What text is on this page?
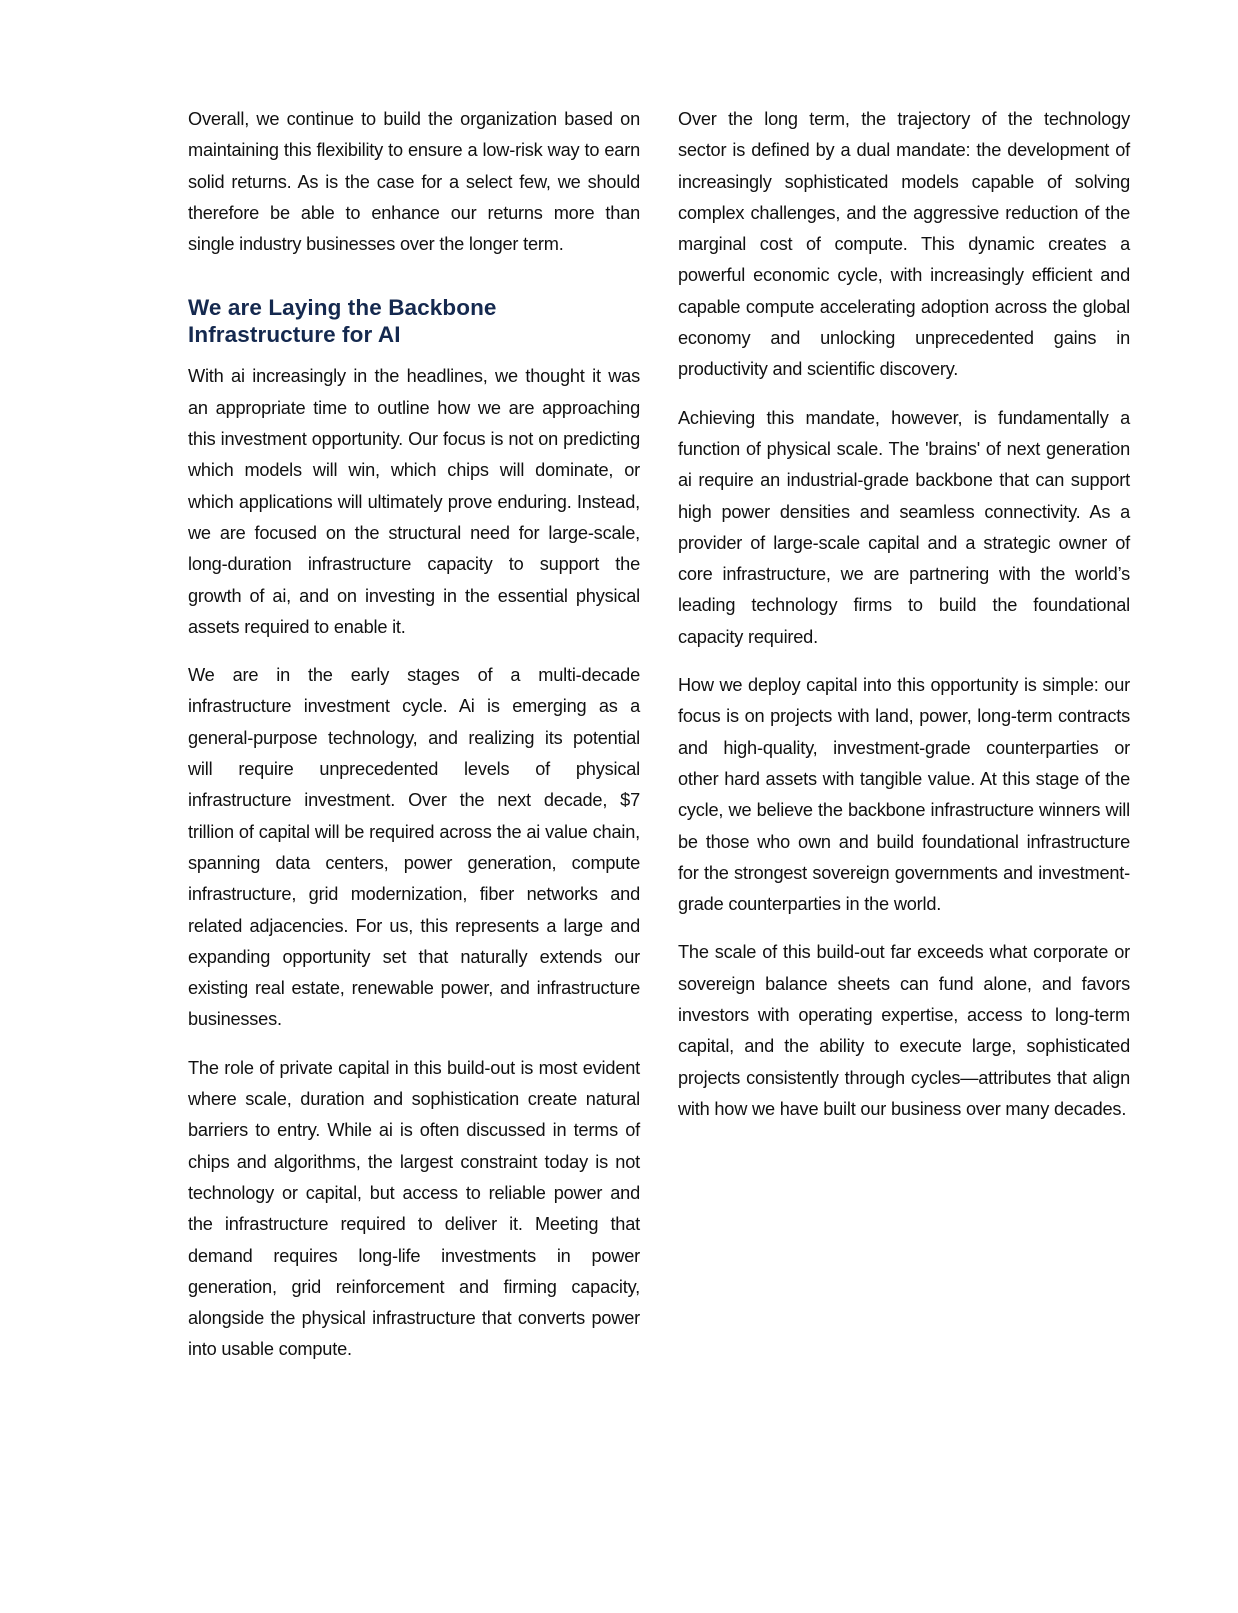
Overall, we continue to build the organization based on maintaining this flexibility to ensure a low-risk way to earn solid returns. As is the case for a select few, we should therefore be able to enhance our returns more than single industry businesses over the longer term.

We are Laying the Backbone
Infrastructure for AI

With ai increasingly in the headlines, we thought it was an appropriate time to outline how we are approaching this investment opportunity. Our focus is not on predicting which models will win, which chips will dominate, or which applications will ultimately prove enduring. Instead, we are focused on the structural need for large-scale, long-duration infrastructure capacity to support the growth of ai, and on investing in the essential physical assets required to enable it.

We are in the early stages of a multi-decade infrastructure investment cycle. Ai is emerging as a general-purpose technology, and realizing its potential will require unprecedented levels of physical infrastructure investment. Over the next decade, $7 trillion of capital will be required across the ai value chain, spanning data centers, power generation, compute infrastructure, grid modernization, fiber networks and related adjacencies. For us, this represents a large and expanding opportunity set that naturally extends our existing real estate, renewable power, and infrastructure businesses.

The role of private capital in this build-out is most evident where scale, duration and sophistication create natural barriers to entry. While ai is often discussed in terms of chips and algorithms, the largest constraint today is not technology or capital, but access to reliable power and the infrastructure required to deliver it. Meeting that demand requires long-life investments in power generation, grid reinforcement and firming capacity, alongside the physical infrastructure that converts power into usable compute.

Over the long term, the trajectory of the technology sector is defined by a dual mandate: the development of increasingly sophisticated models capable of solving complex challenges, and the aggressive reduction of the marginal cost of compute. This dynamic creates a powerful economic cycle, with increasingly efficient and capable compute accelerating adoption across the global economy and unlocking unprecedented gains in productivity and scientific discovery.

Achieving this mandate, however, is fundamentally a function of physical scale. The 'brains' of next generation ai require an industrial-grade backbone that can support high power densities and seamless connectivity. As a provider of large-scale capital and a strategic owner of core infrastructure, we are partnering with the world’s leading technology firms to build the foundational capacity required.

How we deploy capital into this opportunity is simple: our focus is on projects with land, power, long-term contracts and high-quality, investment-grade counterparties or other hard assets with tangible value. At this stage of the cycle, we believe the backbone infrastructure winners will be those who own and build foundational infrastructure for the strongest sovereign governments and investment-grade counterparties in the world.

The scale of this build-out far exceeds what corporate or sovereign balance sheets can fund alone, and favors investors with operating expertise, access to long-term capital, and the ability to execute large, sophisticated projects consistently through cycles—attributes that align with how we have built our business over many decades.
